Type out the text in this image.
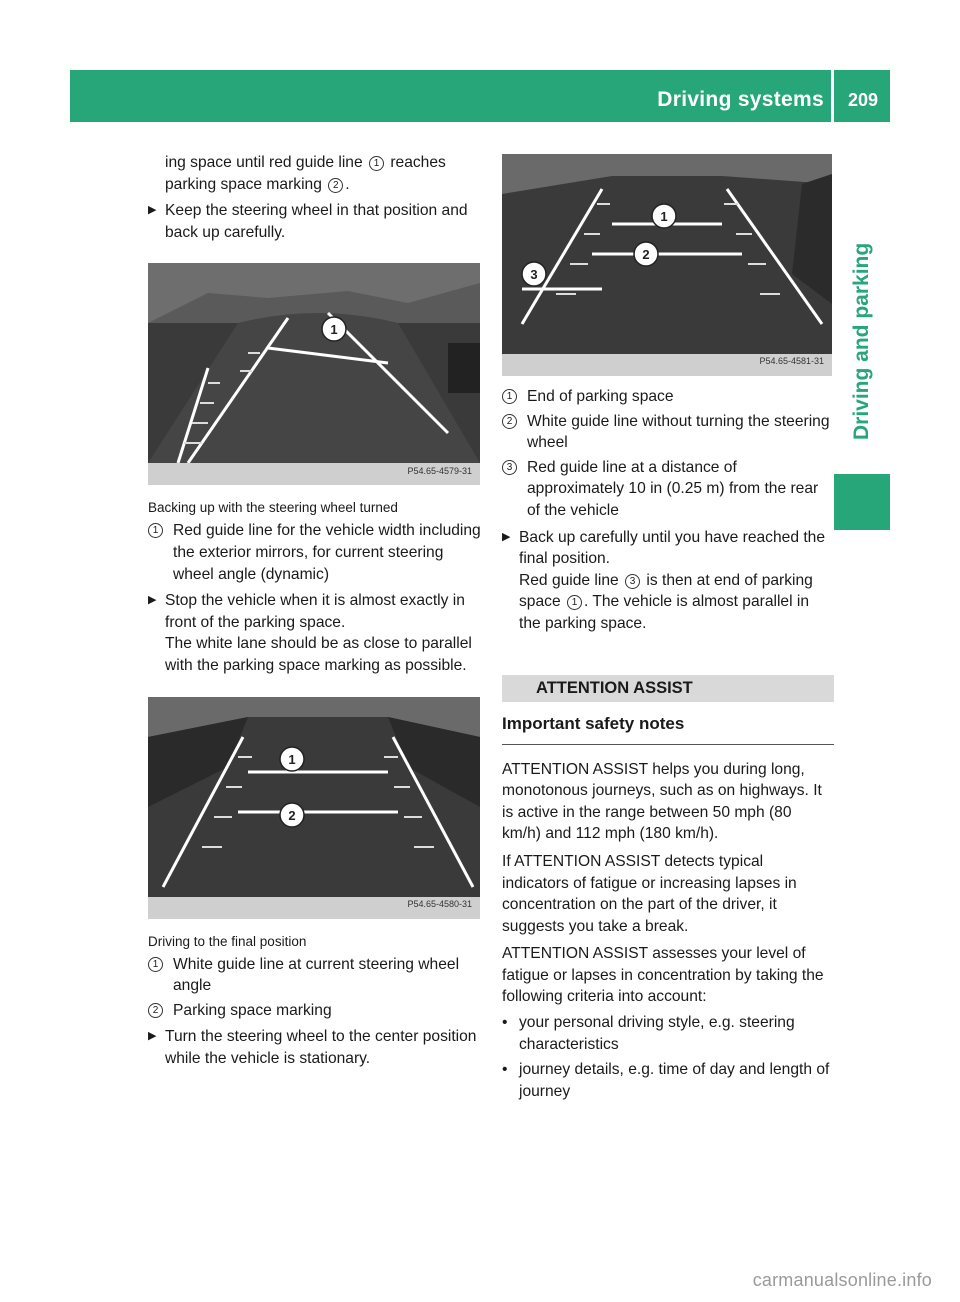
Driving systems	209
Driving and parking

ing space until red guide line 1 reaches parking space marking 2 .

▶ Keep the steering wheel in that position and back up carefully.
1
P54.65-4579-31

Backing up with the steering wheel turned

1 Red guide line for the vehicle width including the exterior mirrors, for current steering wheel angle (dynamic)
▶ Stop the vehicle when it is almost exactly in front of the parking space.
The white lane should be as close to parallel with the parking space marking as possible.
1
2
P54.65-4580-31

Driving to the final position

1 White guide line at current steering wheel angle
2 Parking space marking
▶ Turn the steering wheel to the center position while the vehicle is stationary.
1
2
3
P54.65-4581-31
1 End of parking space
2 White guide line without turning the steering wheel
3 Red guide line at a distance of approximately 10 in (0.25 m) from the rear of the vehicle
▶ Back up carefully until you have reached the final position.
Red guide line 3 is then at end of parking space 1 . The vehicle is almost parallel in the parking space.
ATTENTION ASSIST
Important safety notes

ATTENTION ASSIST helps you during long, monotonous journeys, such as on highways. It is active in the range between 50 mph (80 km/h) and 112 mph (180 km/h).

If ATTENTION ASSIST detects typical indicators of fatigue or increasing lapses in concentration on the part of the driver, it suggests you take a break.

ATTENTION ASSIST assesses your level of fatigue or lapses in concentration by taking the following criteria into account:

• your personal driving style, e.g. steering characteristics
• journey details, e.g. time of day and length of journey
carmanualsonline.info
